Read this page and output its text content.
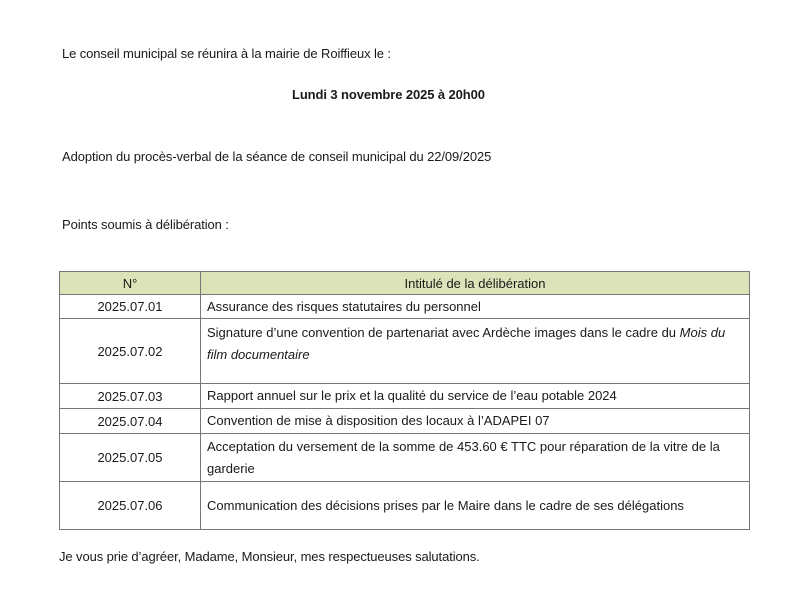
Le conseil municipal se réunira à la mairie de Roiffieux le :
Lundi 3 novembre 2025 à 20h00
Adoption du procès-verbal de la séance de conseil municipal du 22/09/2025
Points soumis à délibération :
N°	Intitulé de la délibération
2025.07.01	Assurance des risques statutaires du personnel
2025.07.02	Signature d’une convention de partenariat avec Ardèche images dans le cadre du Mois du film documentaire
2025.07.03	Rapport annuel sur le prix et la qualité du service de l’eau potable 2024
2025.07.04	Convention de mise à disposition des locaux à l’ADAPEI 07
2025.07.05	Acceptation du versement de la somme de 453.60 € TTC pour réparation de la vitre de la garderie
2025.07.06	Communication des décisions prises par le Maire dans le cadre de ses délégations
Je vous prie d’agréer, Madame, Monsieur, mes respectueuses salutations.
